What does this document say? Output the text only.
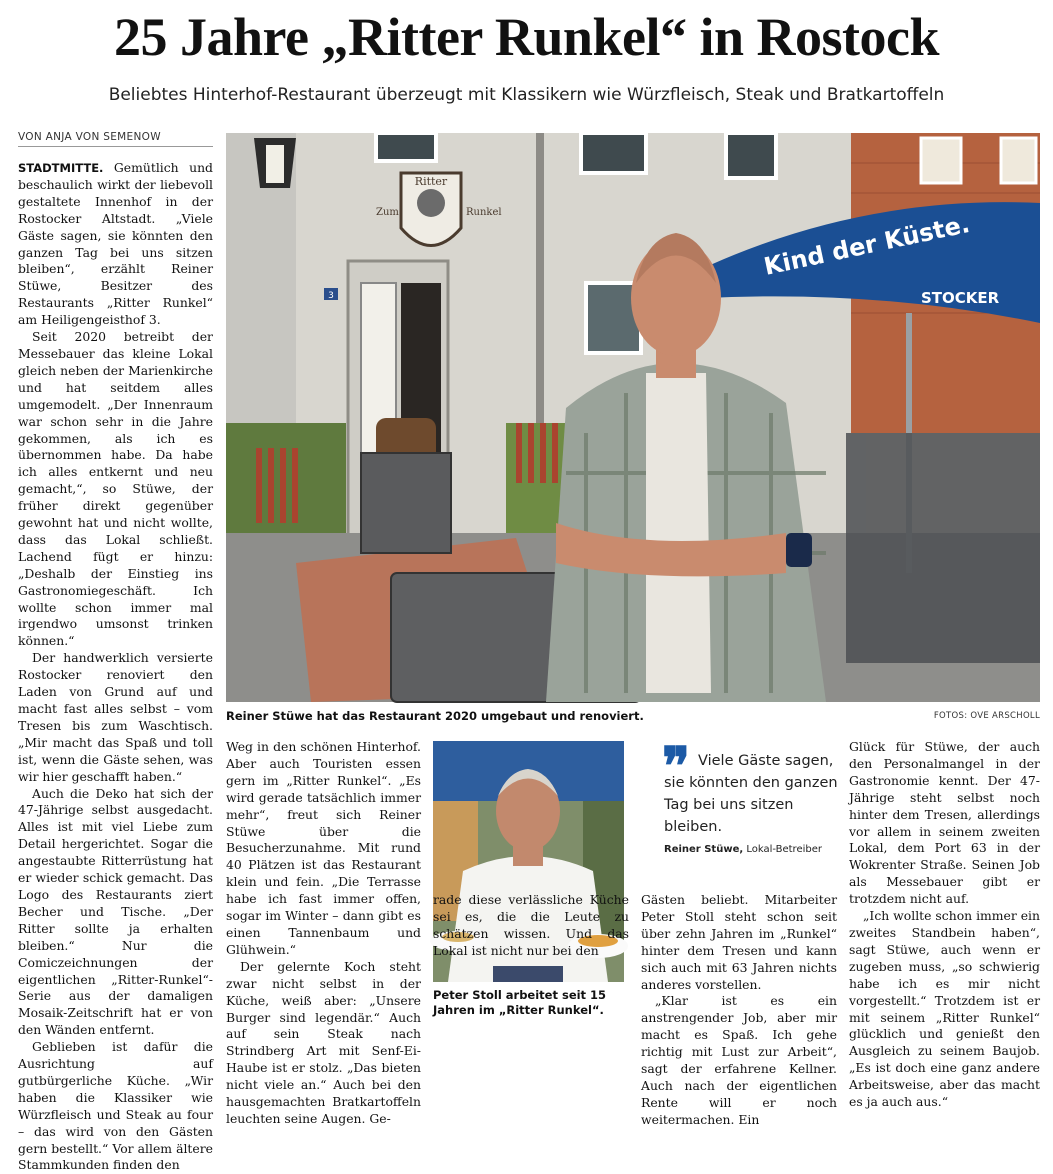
25 Jahre „Ritter Runkel“ in Rostock
Beliebtes Hinterhof-Restaurant überzeugt mit Klassikern wie Würzfleisch, Steak und Bratkartoffeln
VON ANJA VON SEMENOW

STADTMITTE. Gemütlich und beschaulich wirkt der liebevoll gestaltete Innenhof in der Rostocker Altstadt. „Viele Gäste sagen, sie könnten den ganzen Tag bei uns sitzen bleiben“, erzählt Reiner Stüwe, Besitzer des Restaurants „Ritter Runkel“ am Heiligengeisthof 3.

Seit 2020 betreibt der Messebauer das kleine Lokal gleich neben der Marienkirche und hat seitdem alles umgemodelt. „Der Innenraum war schon sehr in die Jahre gekommen, als ich es übernommen habe. Da habe ich alles entkernt und neu gemacht,“, so Stüwe, der früher direkt gegenüber gewohnt hat und nicht wollte, dass das Lokal schließt. Lachend fügt er hinzu: „Deshalb der Einstieg ins Gastronomiegeschäft. Ich wollte schon immer mal irgendwo umsonst trinken können.“

Der handwerklich versierte Rostocker renoviert den Laden von Grund auf und macht fast alles selbst – vom Tresen bis zum Waschtisch. „Mir macht das Spaß und toll ist, wenn die Gäste sehen, was wir hier geschafft haben.“

Auch die Deko hat sich der 47-Jährige selbst ausgedacht. Alles ist mit viel Liebe zum Detail hergerichtet. Sogar die angestaubte Ritterrüstung hat er wieder schick gemacht. Das Logo des Restaurants ziert Becher und Tische. „Der Ritter sollte ja erhalten bleiben.“ Nur die Comiczeichnungen der eigentlichen „Ritter-Runkel“-Serie aus der damaligen Mosaik-Zeitschrift hat er von den Wänden entfernt.

Geblieben ist dafür die Ausrichtung auf gutbürgerliche Küche. „Wir haben die Klassiker wie Würzfleisch und Steak au four – das wird von den Gästen gern bestellt.“ Vor allem ältere Stammkunden finden den

Ritter
Zum	Runkel
3
Kind der Küste.
STOCKER
Reiner Stüwe hat das Restaurant 2020 umgebaut und renoviert.	FOTOS: OVE ARSCHOLL

Weg in den schönen Hinterhof. Aber auch Touristen essen gern im „Ritter Runkel“. „Es wird gerade tatsächlich immer mehr“, freut sich Reiner Stüwe über die Besucherzunahme. Mit rund 40 Plätzen ist das Restaurant klein und fein. „Die Terrasse habe ich fast immer offen, sogar im Winter – dann gibt es einen Tannenbaum und Glühwein.“

Der gelernte Koch steht zwar nicht selbst in der Küche, weiß aber: „Unsere Burger sind legendär.“ Auch auf sein Steak nach Strindberg Art mit Senf-Ei-Haube ist er stolz. „Das bieten nicht viele an.“ Auch bei den hausgemachten Bratkartoffeln leuchten seine Augen. Ge-

Peter Stoll arbeitet seit 15 Jahren im „Ritter Runkel“.

rade diese verlässliche Küche sei es, die die Leute zu schätzen wissen. Und das Lokal ist nicht nur bei den

❞ Viele Gäste sagen, sie könnten den ganzen Tag bei uns sitzen bleiben.
Reiner Stüwe, Lokal-Betreiber

Gästen beliebt. Mitarbeiter Peter Stoll steht schon seit über zehn Jahren im „Runkel“ hinter dem Tresen und kann sich auch mit 63 Jahren nichts anderes vorstellen.

„Klar ist es ein anstrengender Job, aber mir macht es Spaß. Ich gehe richtig mit Lust zur Arbeit“, sagt der erfahrene Kellner. Auch nach der eigentlichen Rente will er noch weitermachen. Ein

Glück für Stüwe, der auch den Personalmangel in der Gastronomie kennt. Der 47-Jährige steht selbst noch hinter dem Tresen, allerdings vor allem in seinem zweiten Lokal, dem Port 63 in der Wokrenter Straße. Seinen Job als Messebauer gibt er trotzdem nicht auf.

„Ich wollte schon immer ein zweites Standbein haben“, sagt Stüwe, auch wenn er zugeben muss, „so schwierig habe ich es mir nicht vorgestellt.“ Trotzdem ist er mit seinem „Ritter Runkel“ glücklich und genießt den Ausgleich zu seinem Baujob. „Es ist doch eine ganz andere Arbeitsweise, aber das macht es ja auch aus.“
